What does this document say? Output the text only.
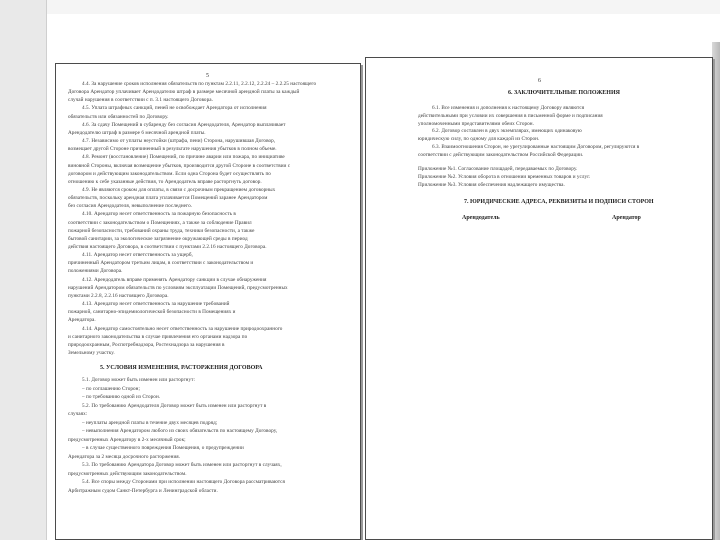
5
4.4. За нарушение сроков исполнения обязательств по пунктам 2.2.11, 2.2.12, 2.2.24 – 2.2.25 настоящего
Договора Арендатор уплачивает Арендодателю штраф в размере месячной арендной платы за каждый
случай нарушения в соответствии с п. 3.1 настоящего Договора.
4.5. Уплата штрафных санкций, пеней не освобождает Арендатора от исполнения
обязательств или обязанностей по Договору.
4.6. За сдачу Помещений в субаренду без согласия Арендодателя, Арендатор выплачивает
Арендодателю штраф в размере 6 месячной арендной платы.
4.7. Независимо от уплаты неустойки (штрафа, пени) Сторона, нарушившая Договор,
возмещает другой Стороне причиненный в результате нарушения убытков в полном объеме.
4.8. Ремонт (восстановление) Помещений, по причине аварии или пожара, по инициативе
виновной Стороны, включая возмещение убытков, производится другой Стороне в соответствии с
договором и действующим законодательством. Если одна Сторона будет осуществлять по
отношению к себе указанные действия, то Арендодатель вправе расторгнуть договор.
4.9. Не являются сроком для оплаты, в связи с досрочным прекращением договорных
обязательств, поскольку арендная плата уплачивается Помещений заранее Арендатором
без согласия Арендодателя, невыполнение последнего.
4.10. Арендатор несет ответственность за пожарную безопасность в
соответствии с законодательством о Помещениях, а также за соблюдение Правил
пожарной безопасности, требований охраны труда, техники безопасности, а также
бытовой санитарии, за экологическое загрязнение окружающей среды в период
действия настоящего Договора, в соответствии с пунктами 2.2.16 настоящего Договора.
4.11. Арендатор несет ответственность за ущерб,
причиненный Арендатором третьим лицам, в соответствии с законодательством и
положениями Договора.
4.12. Арендодатель вправе применять Арендатору санкции в случае обнаружения
нарушений Арендатором обязательств по условиям эксплуатации Помещений, предусмотренных
пунктами 2.2.8, 2.2.16 настоящего Договора.
4.13. Арендатор несет ответственность за нарушение требований
пожарной, санитарно-эпидемиологической безопасности в Помещениях и
Арендатора.
4.14. Арендатор самостоятельно несет ответственность за нарушение природоохранного
и санитарного законодательства в случае привлечения его органами надзора по
природоохранным, Роспотребнадзора, Ростехнадзора за нарушения в
Земельному участку.
5. УСЛОВИЯ ИЗМЕНЕНИЯ, РАСТОРЖЕНИЯ ДОГОВОРА
5.1. Договор может быть изменен или расторгнут:
– по соглашению Сторон;
– по требованию одной из Сторон.
5.2. По требованию Арендодателя Договор может быть изменен или расторгнут в
случаях:
– неуплаты арендной платы в течение двух месяцев подряд;
– невыполнения Арендатором любого из своих обязательств по настоящему Договору,
предусмотренных Арендатору в 2-х месячный срок;
– в случае существенного повреждения Помещения, о предупреждении
Арендатора за 2 месяца досрочного расторжения.
5.3. По требованию Арендатора Договор может быть изменен или расторгнут в случаях,
предусмотренных действующим законодательством.
5.4. Все споры между Сторонами при исполнении настоящего Договора рассматриваются
Арбитражным судом Санкт-Петербурга и Ленинградской области.
6
6. ЗАКЛЮЧИТЕЛЬНЫЕ ПОЛОЖЕНИЯ
6.1. Все изменения и дополнения к настоящему Договору являются
действительными при условии их совершения в письменной форме и подписания
уполномоченными представителями обеих Сторон.
6.2. Договор составлен в двух экземплярах, имеющих одинаковую
юридическую силу, по одному для каждой из Сторон.
6.3. Взаимоотношения Сторон, не урегулированные настоящим Договором, регулируются в
соответствии с действующим законодательством Российской Федерации.
Приложение №1. Согласование площадей, передаваемых по Договору.
Приложение №2. Условия оборота в отношении временных товаров и услуг.
Приложение №3. Условия обеспечения надлежащего имущества.
7. ЮРИДИЧЕСКИЕ АДРЕСА, РЕКВИЗИТЫ И ПОДПИСИ СТОРОН
Арендодатель	Арендатор
